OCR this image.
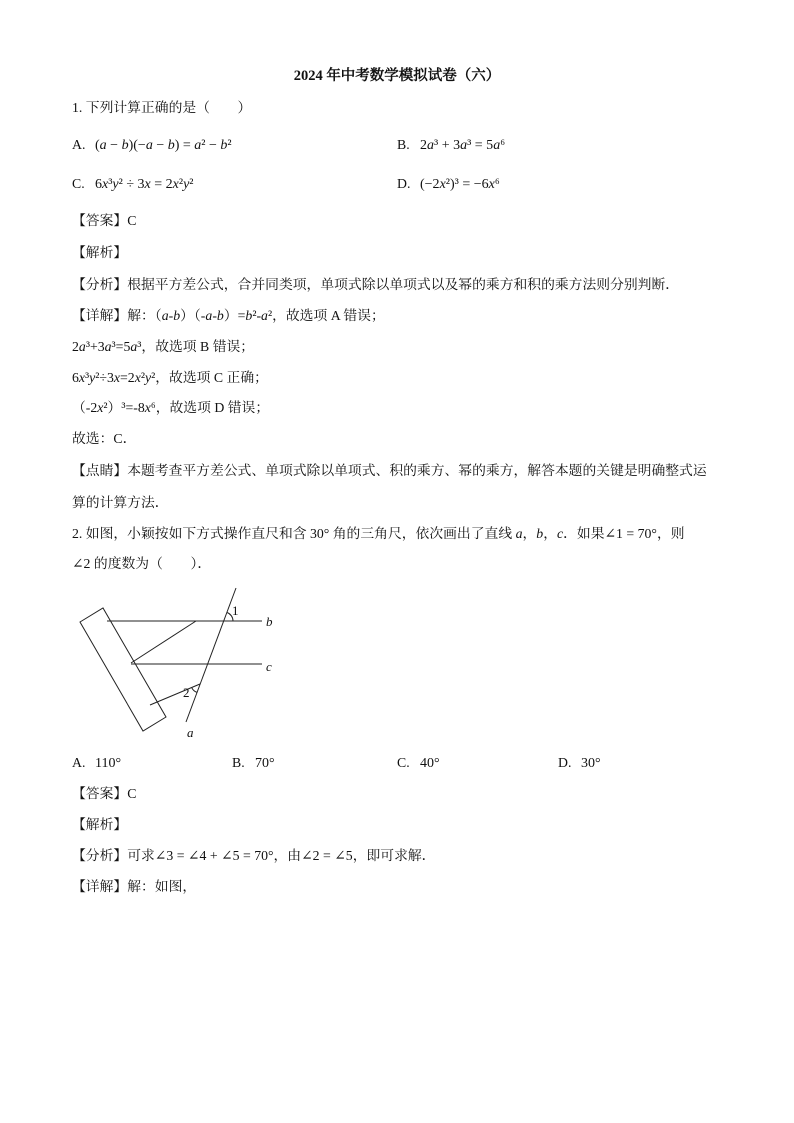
2024 年中考数学模拟试卷（六）
1. 下列计算正确的是（　　）
A. (a − b)(−a − b) = a² − b²	B. 2a³ + 3a³ = 5a⁶
C. 6x³y² ÷ 3x = 2x²y²	D. (−2x²)³ = −6x⁶
【答案】C
【解析】
【分析】根据平方差公式，合并同类项，单项式除以单项式以及幂的乘方和积的乘方法则分别判断．
【详解】解：（a-b）（-a-b）=b²-a²，故选项 A 错误；
2a³+3a³=5a³，故选项 B 错误；
6x³y²÷3x=2x²y²，故选项 C 正确；
（-2x²）³=-8x⁶，故选项 D 错误；
故选：C．
【点睛】本题考查平方差公式、单项式除以单项式、积的乘方、幂的乘方，解答本题的关键是明确整式运
算的计算方法．
2. 如图，小颖按如下方式操作直尺和含 30° 角的三角尺，依次画出了直线 a，b，c．如果∠1 = 70°，则
∠2 的度数为（　　）．
1
2
a
b
c
A. 110°	B. 70°	C. 40°	D. 30°
【答案】C
【解析】
【分析】可求∠3 = ∠4 + ∠5 = 70°，由∠2 = ∠5，即可求解．
【详解】解：如图，
